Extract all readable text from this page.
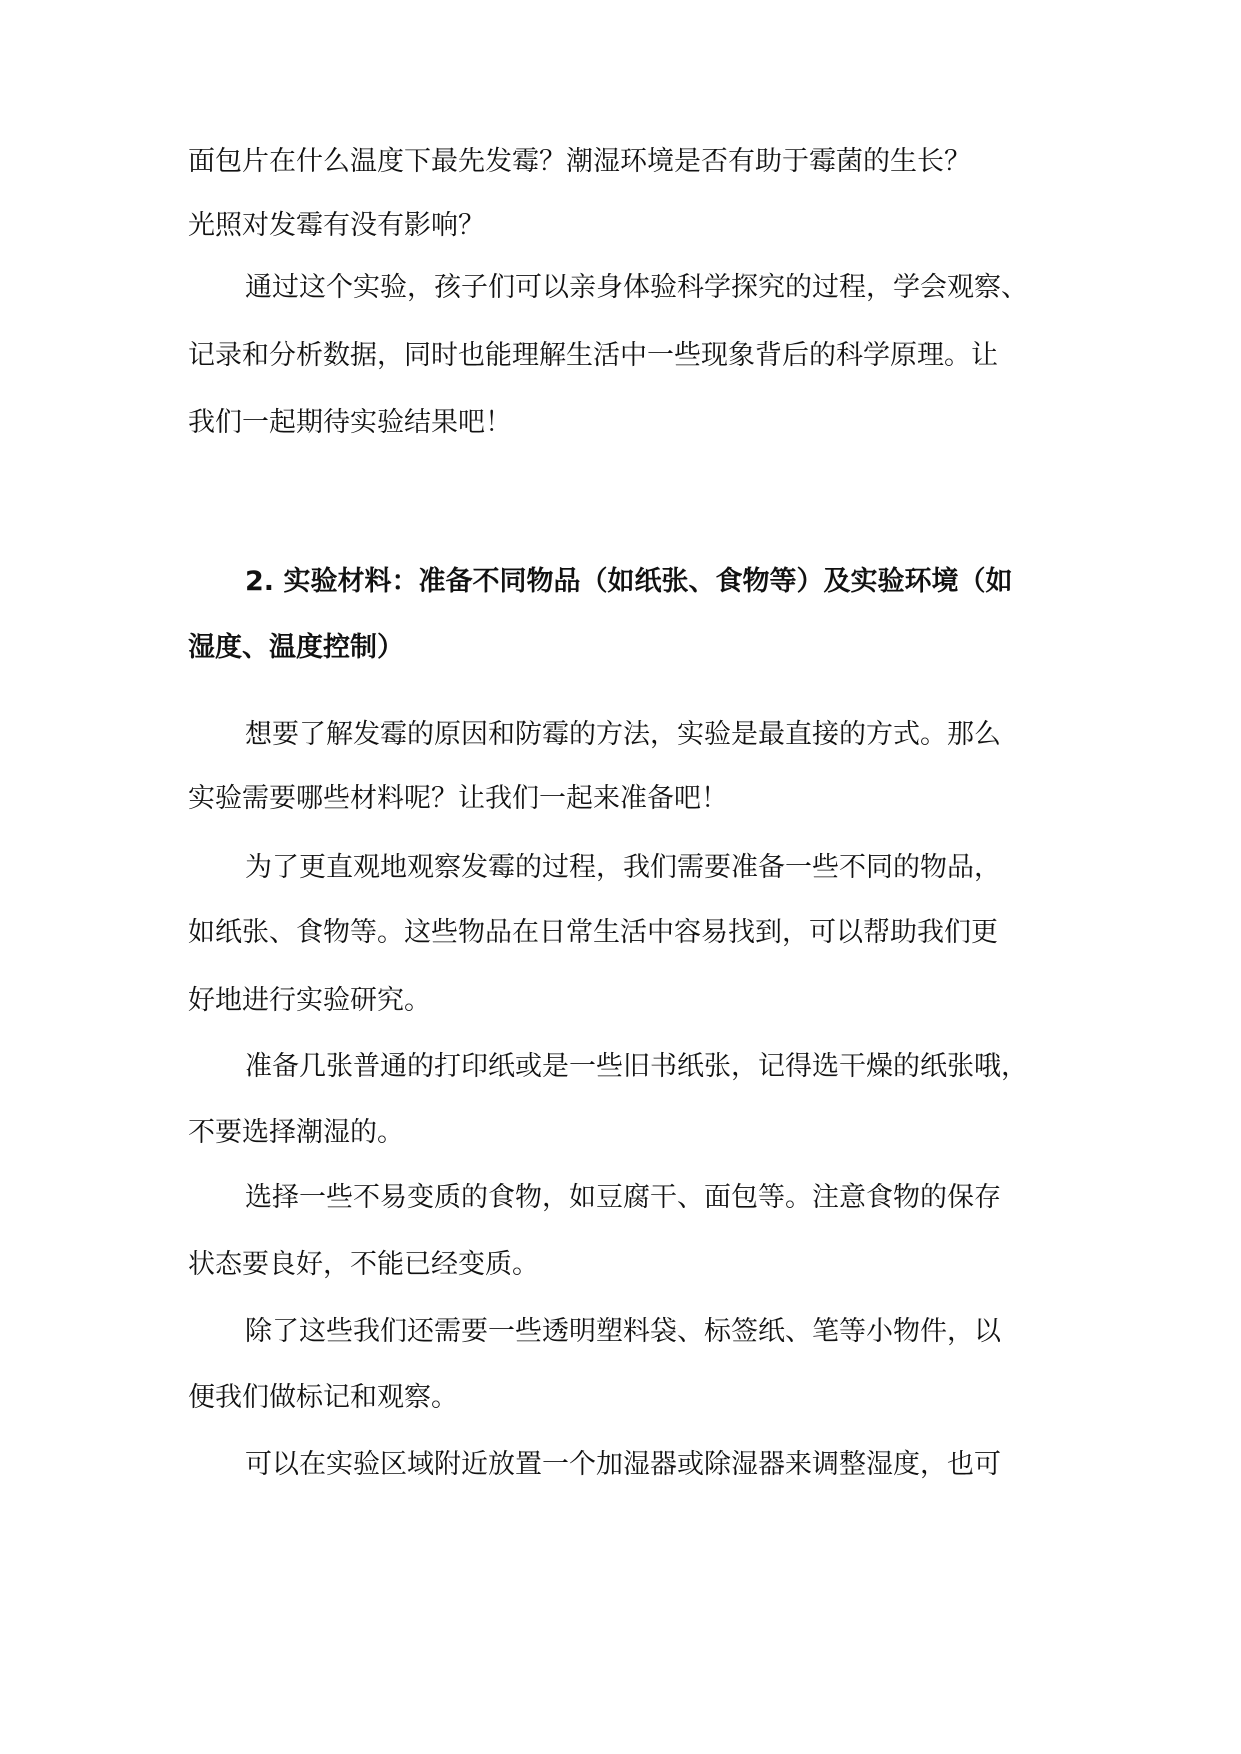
面包片在什么温度下最先发霉？潮湿环境是否有助于霉菌的生长？
光照对发霉有没有影响？
通过这个实验，孩子们可以亲身体验科学探究的过程，学会观察、
记录和分析数据，同时也能理解生活中一些现象背后的科学原理。让
我们一起期待实验结果吧！
2. 实验材料：准备不同物品（如纸张、食物等）及实验环境（如
湿度、温度控制）
想要了解发霉的原因和防霉的方法，实验是最直接的方式。那么
实验需要哪些材料呢？让我们一起来准备吧！
为了更直观地观察发霉的过程，我们需要准备一些不同的物品，
如纸张、食物等。这些物品在日常生活中容易找到，可以帮助我们更
好地进行实验研究。
准备几张普通的打印纸或是一些旧书纸张，记得选干燥的纸张哦，
不要选择潮湿的。
选择一些不易变质的食物，如豆腐干、面包等。注意食物的保存
状态要良好，不能已经变质。
除了这些我们还需要一些透明塑料袋、标签纸、笔等小物件，以
便我们做标记和观察。
可以在实验区域附近放置一个加湿器或除湿器来调整湿度，也可
